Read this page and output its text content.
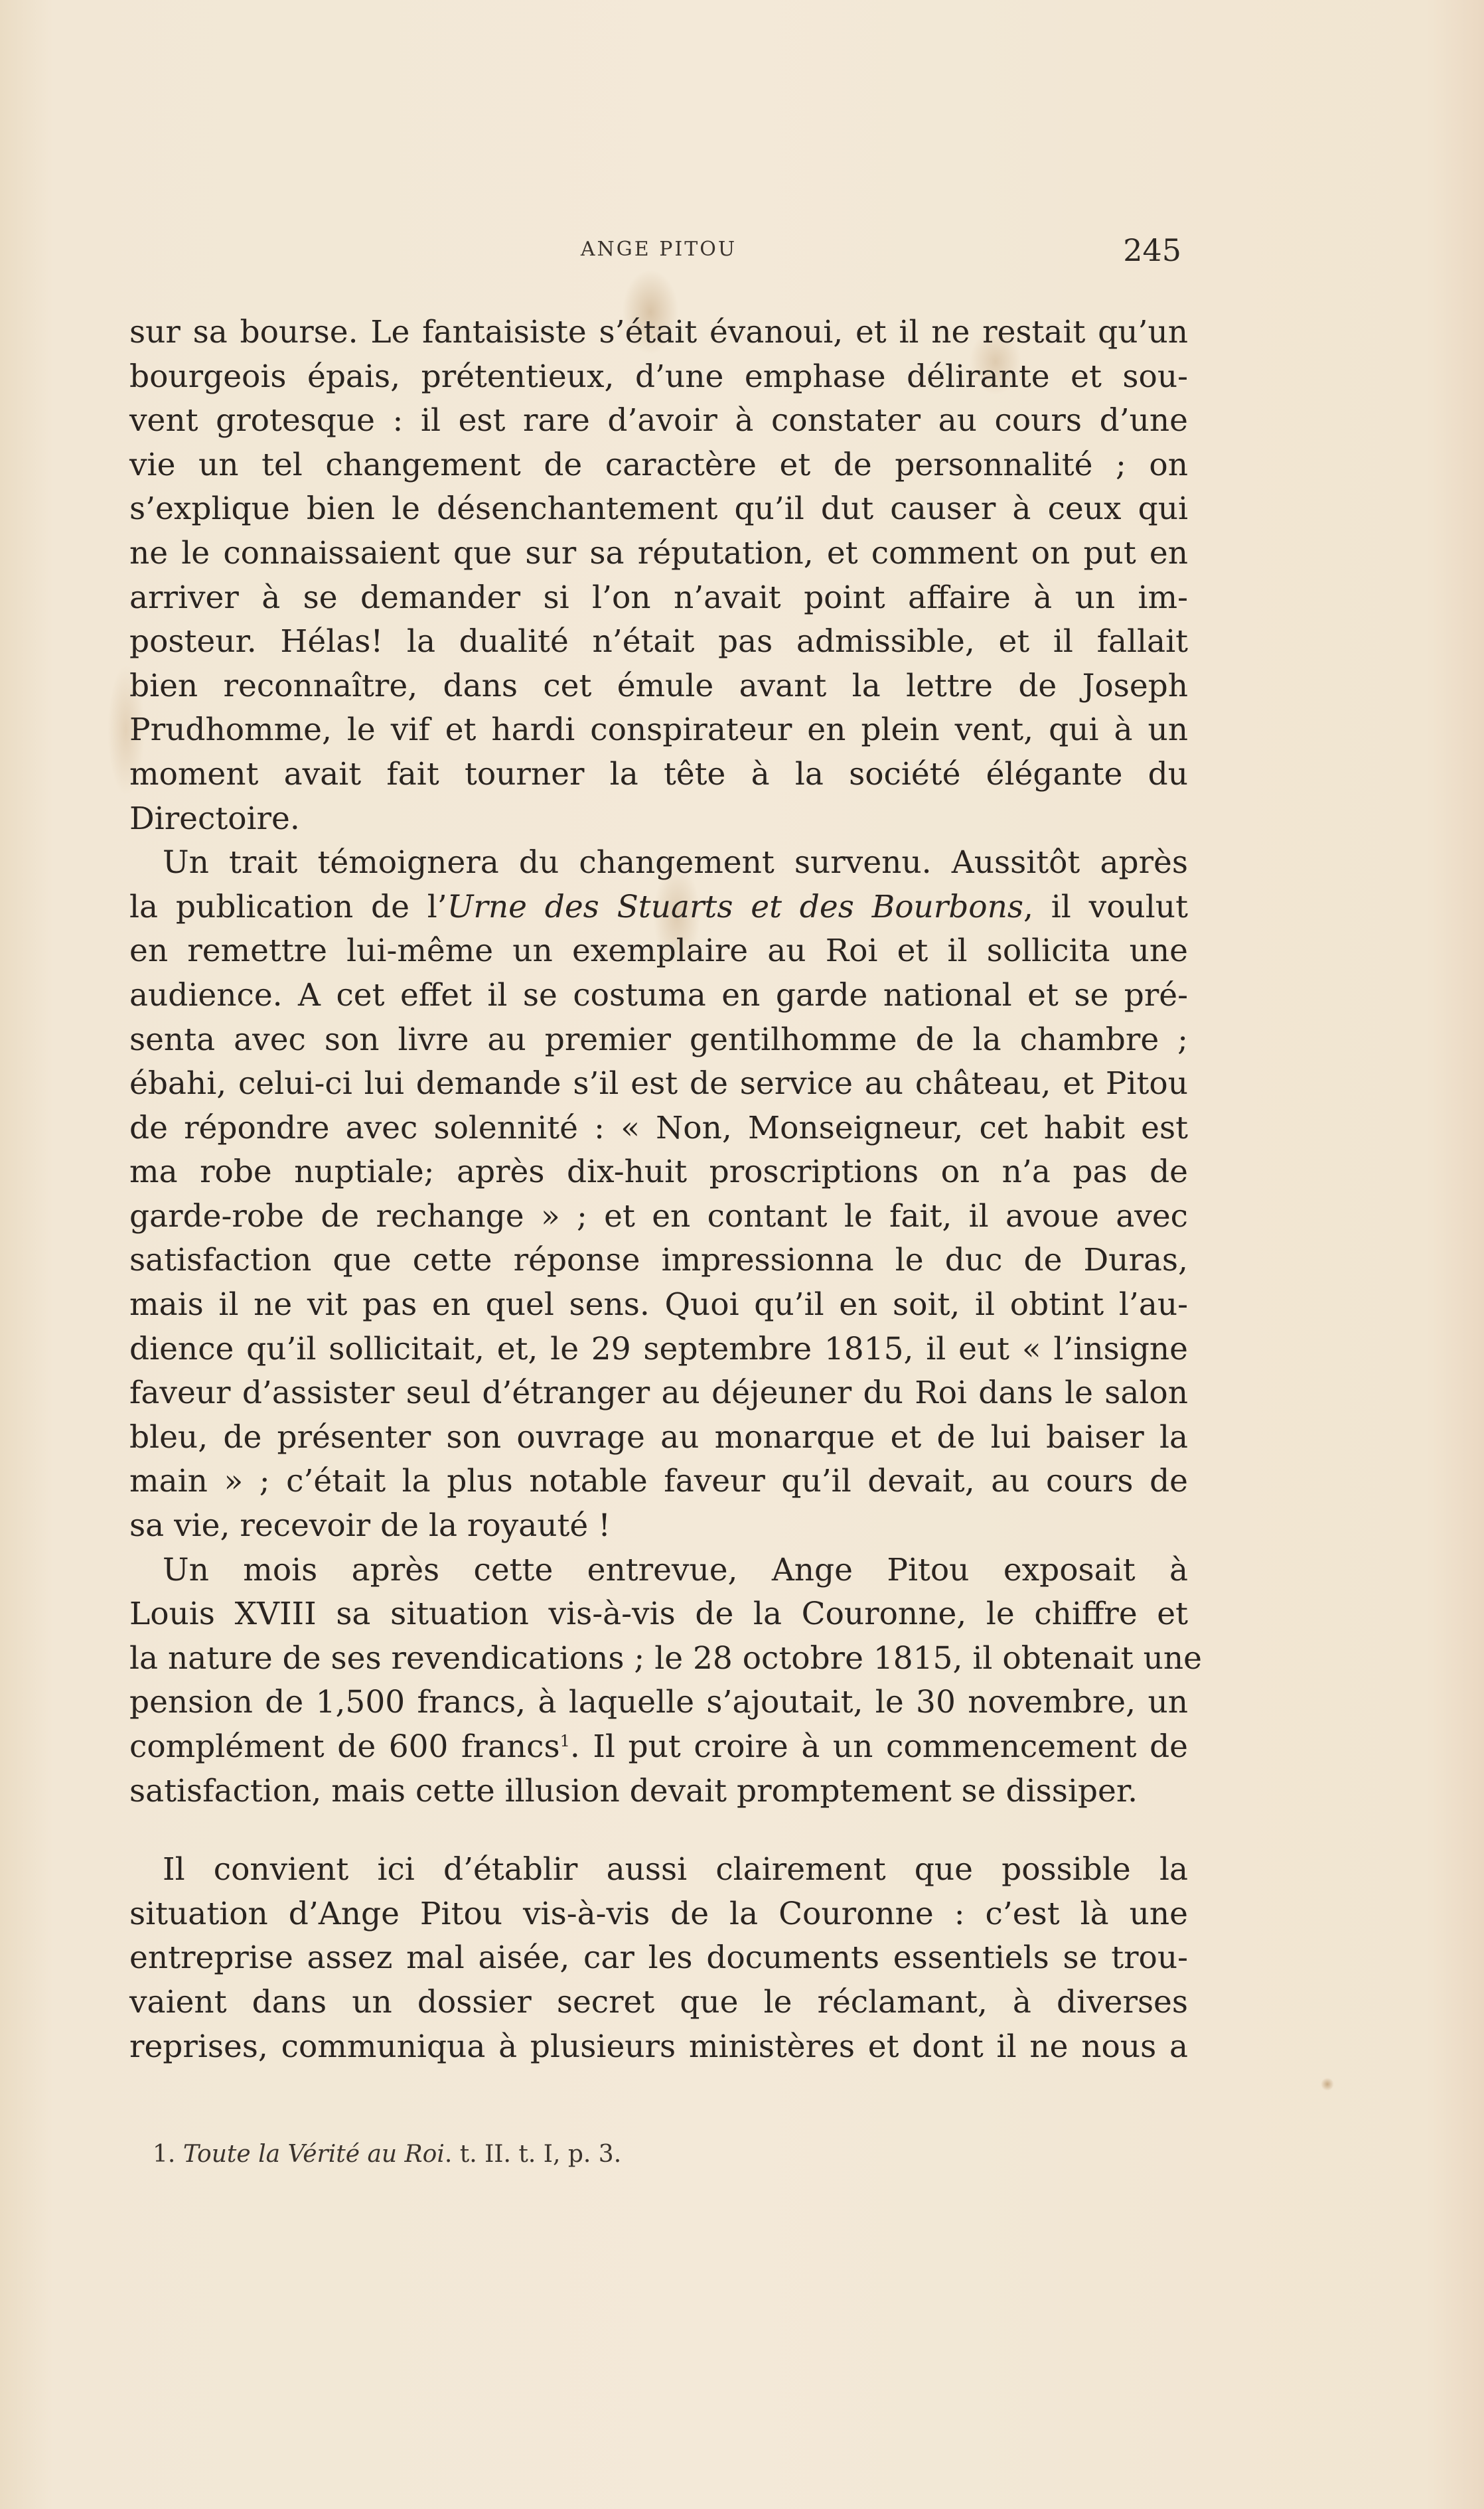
ANGE PITOU	245
sur sa bourse. Le fantaisiste s’était évanoui, et il ne restait qu’un
bourgeois épais, prétentieux, d’une emphase délirante et sou-
vent grotesque : il est rare d’avoir à constater au cours d’une
vie un tel changement de caractère et de personnalité ; on
s’explique bien le désenchantement qu’il dut causer à ceux qui
ne le connaissaient que sur sa réputation, et comment on put en
arriver à se demander si l’on n’avait point affaire à un im-
posteur. Hélas! la dualité n’était pas admissible, et il fallait
bien reconnaître, dans cet émule avant la lettre de Joseph
Prudhomme, le vif et hardi conspirateur en plein vent, qui à un
moment avait fait tourner la tête à la société élégante du
Directoire.
Un trait témoignera du changement survenu. Aussitôt après
la publication de l’Urne des Stuarts et des Bourbons, il voulut
en remettre lui-même un exemplaire au Roi et il sollicita une
audience. A cet effet il se costuma en garde national et se pré-
senta avec son livre au premier gentilhomme de la chambre ;
ébahi, celui-ci lui demande s’il est de service au château, et Pitou
de répondre avec solennité : « Non, Monseigneur, cet habit est
ma robe nuptiale; après dix-huit proscriptions on n’a pas de
garde-robe de rechange » ; et en contant le fait, il avoue avec
satisfaction que cette réponse impressionna le duc de Duras,
mais il ne vit pas en quel sens. Quoi qu’il en soit, il obtint l’au-
dience qu’il sollicitait, et, le 29 septembre 1815, il eut « l’insigne
faveur d’assister seul d’étranger au déjeuner du Roi dans le salon
bleu, de présenter son ouvrage au monarque et de lui baiser la
main » ; c’était la plus notable faveur qu’il devait, au cours de
sa vie, recevoir de la royauté !
Un mois après cette entrevue, Ange Pitou exposait à
Louis XVIII sa situation vis-à-vis de la Couronne, le chiffre et
la nature de ses revendications ; le 28 octobre 1815, il obtenait une
pension de 1,500 francs, à laquelle s’ajoutait, le 30 novembre, un
complément de 600 francs$^1$. Il put croire à un commencement de
satisfaction, mais cette illusion devait promptement se dissiper.
Il convient ici d’établir aussi clairement que possible la
situation d’Ange Pitou vis-à-vis de la Couronne : c’est là une
entreprise assez mal aisée, car les documents essentiels se trou-
vaient dans un dossier secret que le réclamant, à diverses
reprises, communiqua à plusieurs ministères et dont il ne nous a
1. Toute la Vérité au Roi. t. II. t. I, p. 3.
